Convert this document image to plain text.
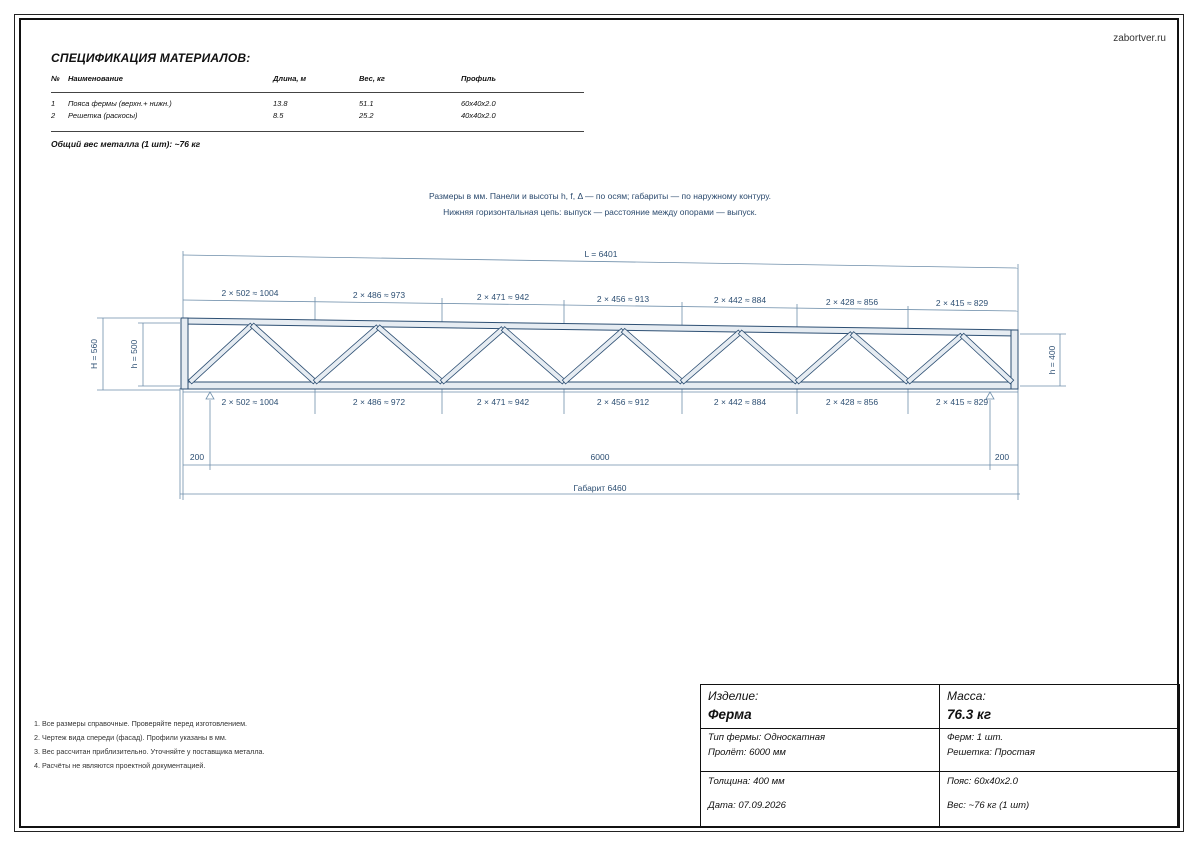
zabortver.ru
СПЕЦИФИКАЦИЯ МАТЕРИАЛОВ:
№ Наименование	Длина, м	Вес, кг	Профиль
1 Пояса фермы (верхн.+ нижн.)	13.8	51.1	60x40x2.0
2 Решетка (раскосы)	8.5	25.2	40x40x2.0
Общий вес металла (1 шт): ~76 кг
Размеры в мм. Панели и высоты h, f, Δ — по осям; габариты — по наружному контуру.
Нижняя горизонтальная цепь: выпуск — расстояние между опорами — выпуск.
L = 6401
2 × 502 ≈ 1004	2 × 486 ≈ 973	2 × 471 ≈ 942	2 × 456 ≈ 913	2 × 442 ≈ 884	2 × 428 ≈ 856	2 × 415 ≈ 829
2 × 502 ≈ 1004	2 × 486 ≈ 972	2 × 471 ≈ 942	2 × 456 ≈ 912	2 × 442 ≈ 884	2 × 428 ≈ 856	2 × 415 ≈ 829
200	6000	200
Габарит 6460
H = 560	h = 500	h = 400
1. Все размеры справочные. Проверяйте перед изготовлением.
2. Чертеж вида спереди (фасад). Профили указаны в мм.
3. Вес рассчитан приблизительно. Уточняйте у поставщика металла.
4. Расчёты не являются проектной документацией.
Изделие:
Ферма
Масса:
76.3 кг
Тип фермы: Односкатная
Пролёт: 6000 мм
Ферм: 1 шт.
Решетка: Простая
Толщина: 400 мм
Дата: 07.09.2026
Пояс: 60x40x2.0
Вес: ~76 кг (1 шт)
